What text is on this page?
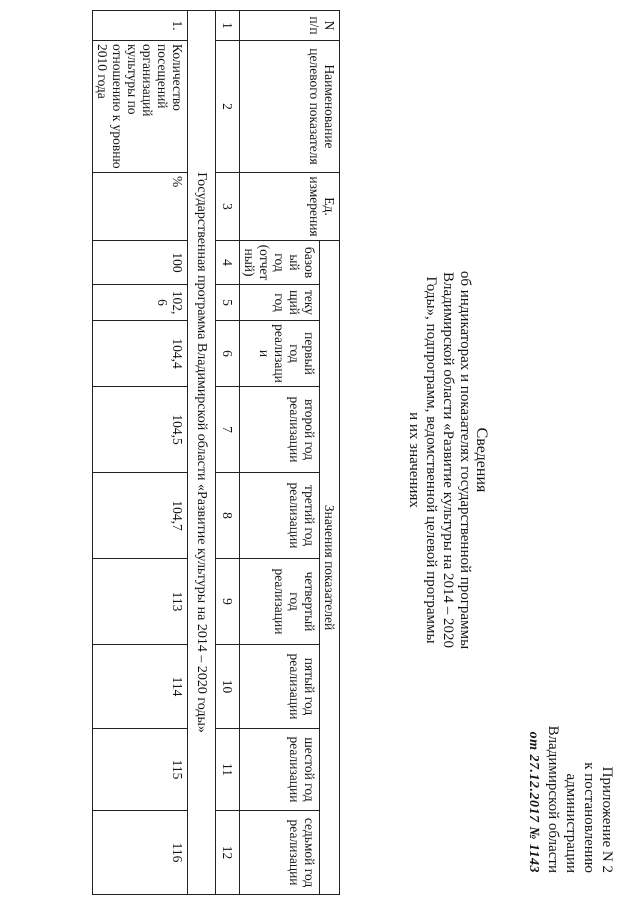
Приложение N 2
к постановлению
администрации
Владимирской области
от 27.12.2017 № 1143
Сведения
об индикаторах и показателях государственной программы
Владимирской области «Развитие культуры на 2014 – 2020
Годы», подпрограмм, ведомственной целевой программы
и их значениях
N п/п	Наименование целевого показателя	Ед. измерения	Значения показателей								
			базовый год (отчетный)	текущий год	первый год реализации	второй год реализации	третий год реализации	четвертый год реализации	пятый год реализации	шестой год реализации	седьмой год реализации
1	2	3	4	5	6	7	8	9	10	11	12
Государственная программа Владимирской области «Развитие культуры на 2014 – 2020 годы»											
1.	Количество посещений организаций культуры по отношению к уровню 2010 года	%	100	102,6	104,4	104,5	104,7	113	114	115	116
